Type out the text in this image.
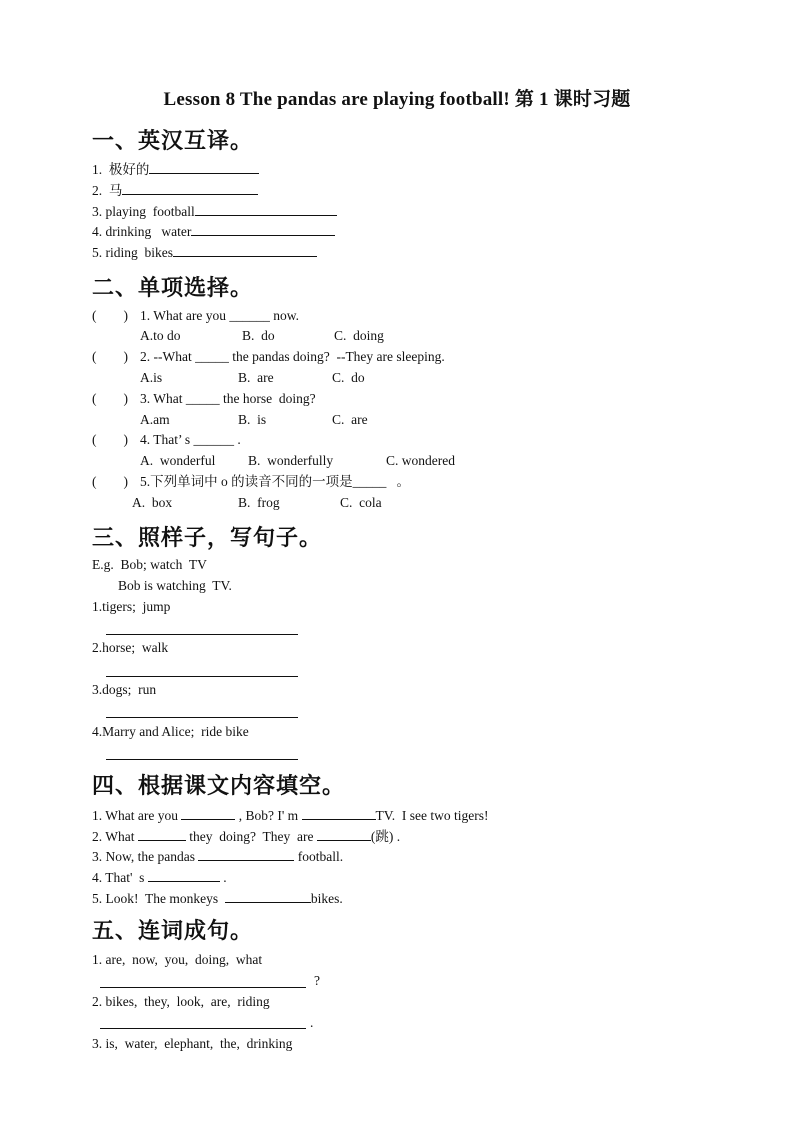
Lesson 8 The pandas are playing football! 第 1 课时习题
一、英汉互译。
1.  极好的
2.  马
3. playing  football
4. drinking   water
5. riding  bikes
二、单项选择。
(        ) 1. What are you ______ now.
A.to do	B.  do	C.  doing
(        ) 2. --What _____ the pandas doing?  --They are sleeping.
A.is	B.  are	C.  do
(        ) 3. What _____ the horse  doing?
A.am	B.  is	C.  are
(        ) 4. That’ s ______ .
A.  wonderful B.  wonderfully	C. wondered
(        ) 5.下列单词中 o 的读音不同的一项是_____   。
A.  box	B.  frog	C.  cola
三、照样子，写句子。
E.g.  Bob; watch  TV
Bob is watching  TV.
1.tigers;  jump
2.horse;  walk
3.dogs;  run
4.Marry and Alice;  ride bike
四、根据课文内容填空。
1. What are you	, Bob? I' m	TV.  I see two tigers!
2. What	they  doing?  They  are	(跳) .
3. Now, the pandas	football.
4. That'  s	.
5. Look!  The monkeys	bikes.
五、连词成句。
1. are,  now,  you,  doing,  what
?
2. bikes,  they,  look,  are,  riding
.
3. is,  water,  elephant,  the,  drinking
